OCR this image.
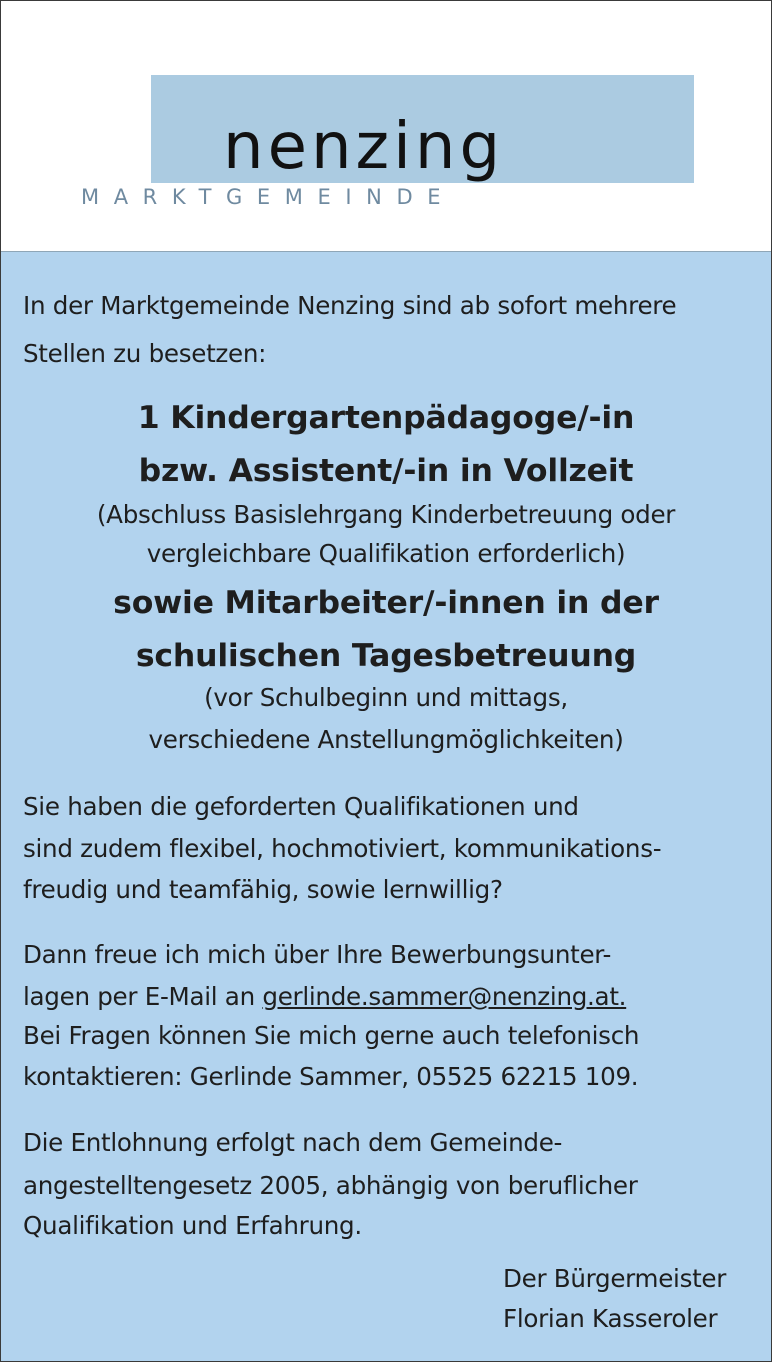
nenzing
MARKTGEMEINDE
In der Marktgemeinde Nenzing sind ab sofort mehrere
Stellen zu besetzen:
1 Kindergartenpädagoge/-in
bzw. Assistent/-in in Vollzeit
(Abschluss Basislehrgang Kinderbetreuung oder
vergleichbare Qualifikation erforderlich)
sowie Mitarbeiter/-innen in der
schulischen Tagesbetreuung
(vor Schulbeginn und mittags,
verschiedene Anstellungmöglichkeiten)
Sie haben die geforderten Qualifikationen und
sind zudem flexibel, hochmotiviert, kommunikations-
freudig und teamfähig, sowie lernwillig?
Dann freue ich mich über Ihre Bewerbungsunter-
lagen per E-Mail an gerlinde.sammer@nenzing.at.
Bei Fragen können Sie mich gerne auch telefonisch
kontaktieren: Gerlinde Sammer, 05525 62215 109.
Die Entlohnung erfolgt nach dem Gemeinde-
angestelltengesetz 2005, abhängig von beruflicher
Qualifikation und Erfahrung.
Der Bürgermeister
Florian Kasseroler
